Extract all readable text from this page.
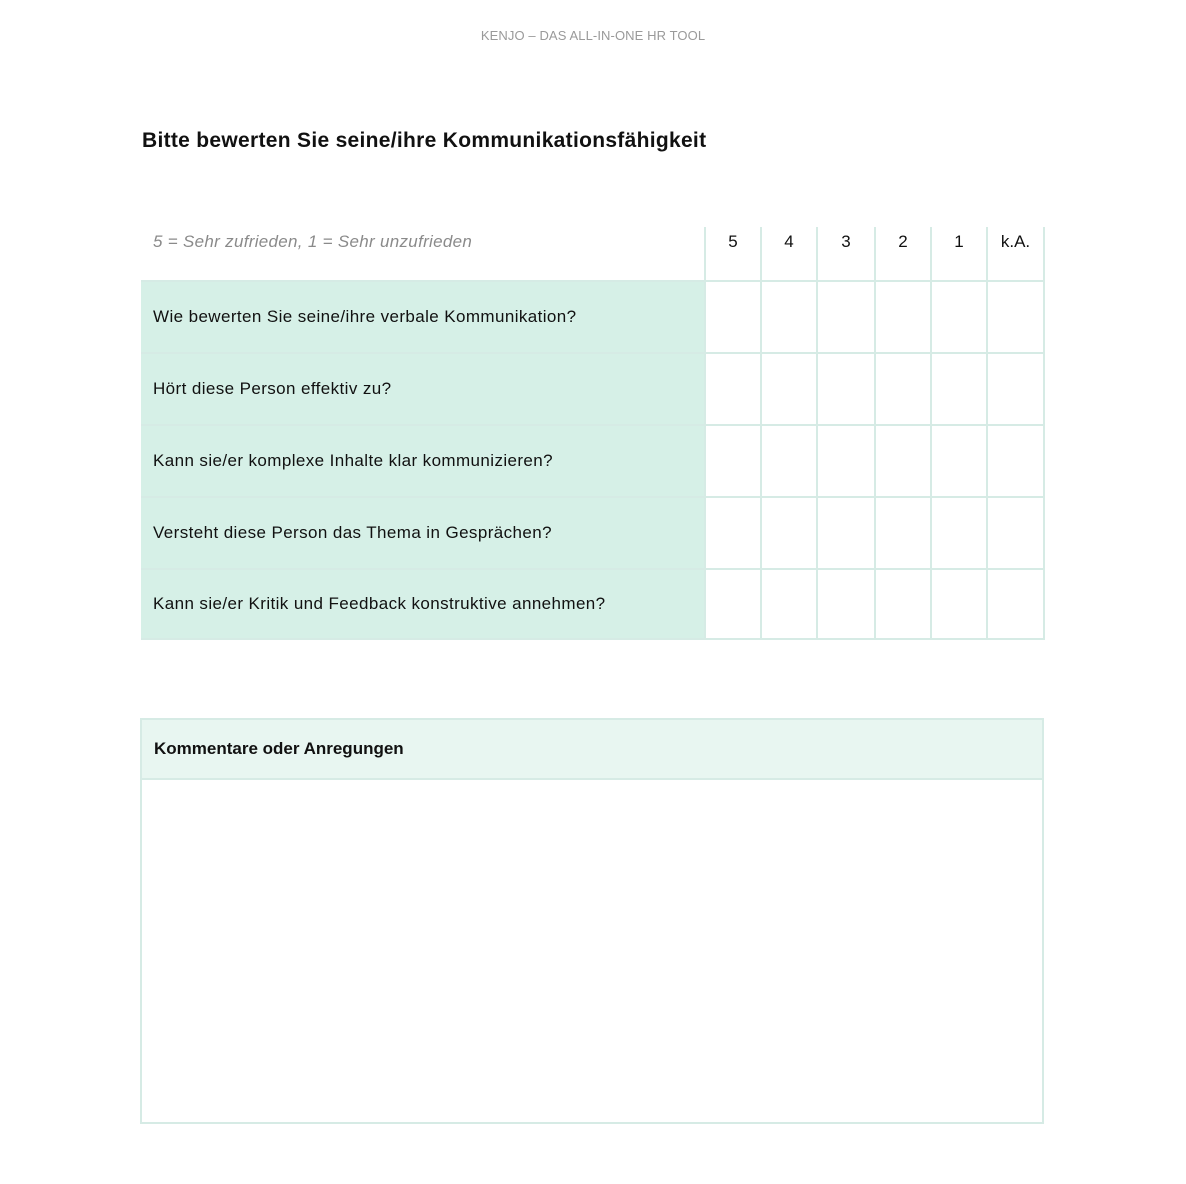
KENJO – DAS ALL-IN-ONE HR TOOL
Bitte bewerten Sie seine/ihre Kommunikationsfähigkeit
5 = Sehr zufrieden, 1 = Sehr unzufrieden	5	4	3	2	1	k.A.
Wie bewerten Sie seine/ihre verbale Kommunikation?						
Hört diese Person effektiv zu?						
Kann sie/er komplexe Inhalte klar kommunizieren?						
Versteht diese Person das Thema in Gesprächen?						
Kann sie/er Kritik und Feedback konstruktive annehmen?						
Kommentare oder Anregungen
